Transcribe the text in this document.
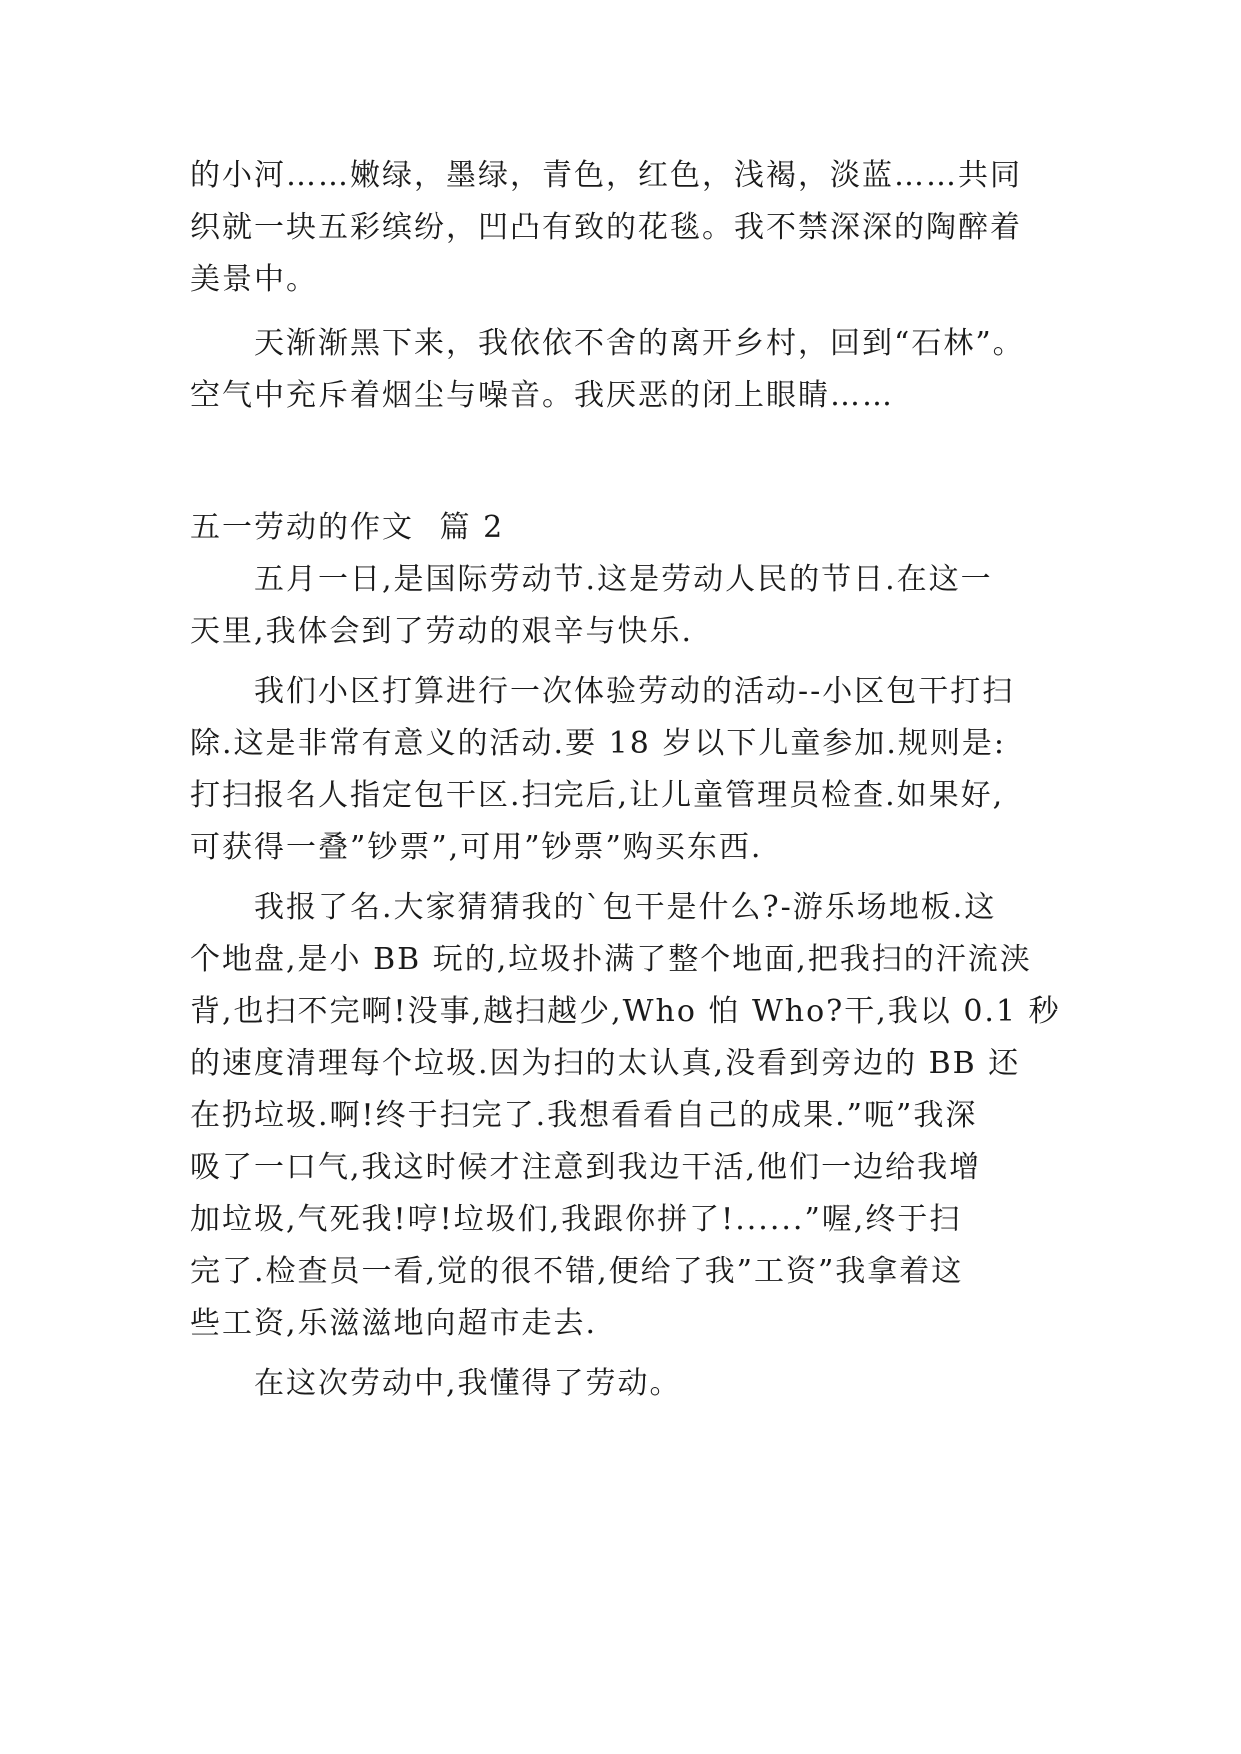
的小河……嫩绿，墨绿，青色，红色，浅褐，淡蓝……共同
织就一块五彩缤纷，凹凸有致的花毯。我不禁深深的陶醉着
美景中。
天渐渐黑下来，我依依不舍的离开乡村，回到“石林”。
空气中充斥着烟尘与噪音。我厌恶的闭上眼睛……
五一劳动的作文 篇 2
五月一日,是国际劳动节.这是劳动人民的节日.在这一
天里,我体会到了劳动的艰辛与快乐.
我们小区打算进行一次体验劳动的活动--小区包干打扫
除.这是非常有意义的活动.要 18 岁以下儿童参加.规则是:
打扫报名人指定包干区.扫完后,让儿童管理员检查.如果好,
可获得一叠”钞票”,可用”钞票”购买东西.
我报了名.大家猜猜我的`包干是什么?-游乐场地板.这
个地盘,是小 BB 玩的,垃圾扑满了整个地面,把我扫的汗流浃
背,也扫不完啊!没事,越扫越少,Who 怕 Who?干,我以 0.1 秒
的速度清理每个垃圾.因为扫的太认真,没看到旁边的 BB 还
在扔垃圾.啊!终于扫完了.我想看看自己的成果.”呃”我深
吸了一口气,我这时候才注意到我边干活,他们一边给我增
加垃圾,气死我!哼!垃圾们,我跟你拼了!......”喔,终于扫
完了.检查员一看,觉的很不错,便给了我”工资”我拿着这
些工资,乐滋滋地向超市走去.
在这次劳动中,我懂得了劳动。
